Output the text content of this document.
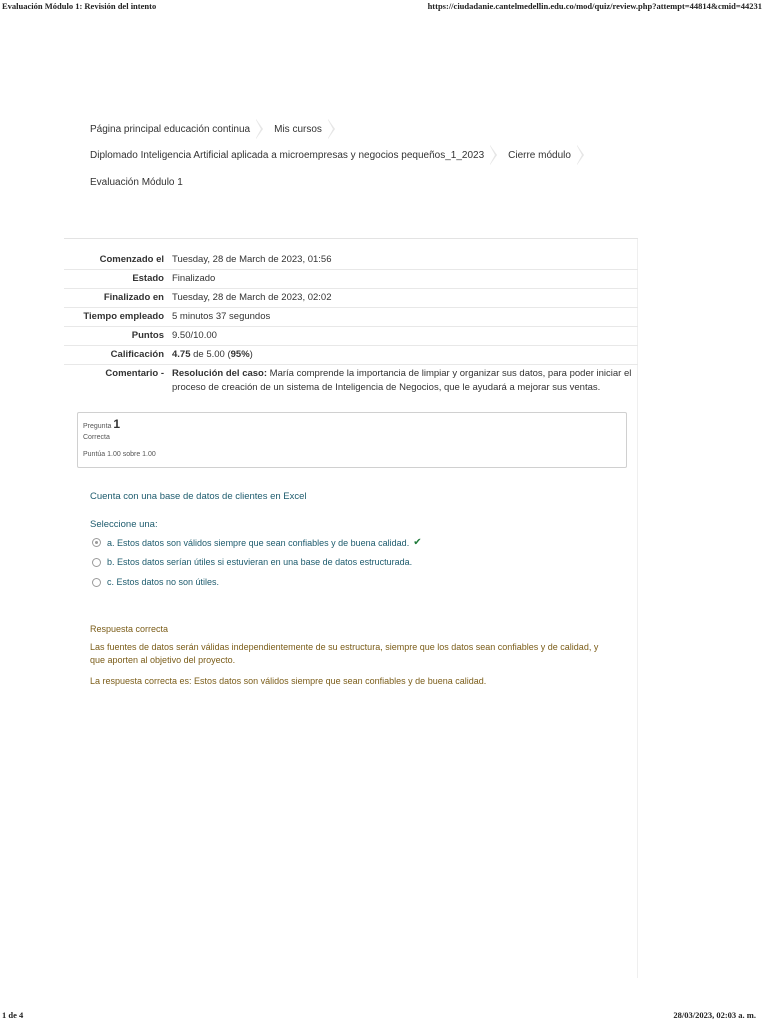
Evaluación Módulo 1: Revisión del intento	https://ciudadanie.cantelmedellin.edu.co/mod/quiz/review.php?attempt=44814&cmid=44231
Página principal educación continua Mis cursos
Diplomado Inteligencia Artificial aplicada a microempresas y negocios pequeños_1_2023 Cierre módulo
Evaluación Módulo 1
Comenzado el Tuesday, 28 de March de 2023, 01:56
Estado Finalizado
Finalizado en Tuesday, 28 de March de 2023, 02:02
Tiempo empleado 5 minutos 37 segundos
Puntos 9.50/10.00
Calificación 4.75 de 5.00 (95%)
Comentario - Resolución del caso: María comprende la importancia de limpiar y organizar sus datos, para poder iniciar el proceso de creación de un sistema de Inteligencia de Negocios, que le ayudará a mejorar sus ventas.
Pregunta 1
Correcta
Puntúa 1.00 sobre 1.00
Cuenta con una base de datos de clientes en Excel
Seleccione una:
a. Estos datos son válidos siempre que sean confiables y de buena calidad. ✔
b. Estos datos serían útiles si estuvieran en una base de datos estructurada.
c. Estos datos no son útiles.
Respuesta correcta
Las fuentes de datos serán válidas independientemente de su estructura, siempre que los datos sean confiables y de calidad, y que aporten al objetivo del proyecto.
La respuesta correcta es: Estos datos son válidos siempre que sean confiables y de buena calidad.
1 de 4	28/03/2023, 02:03 a. m.
